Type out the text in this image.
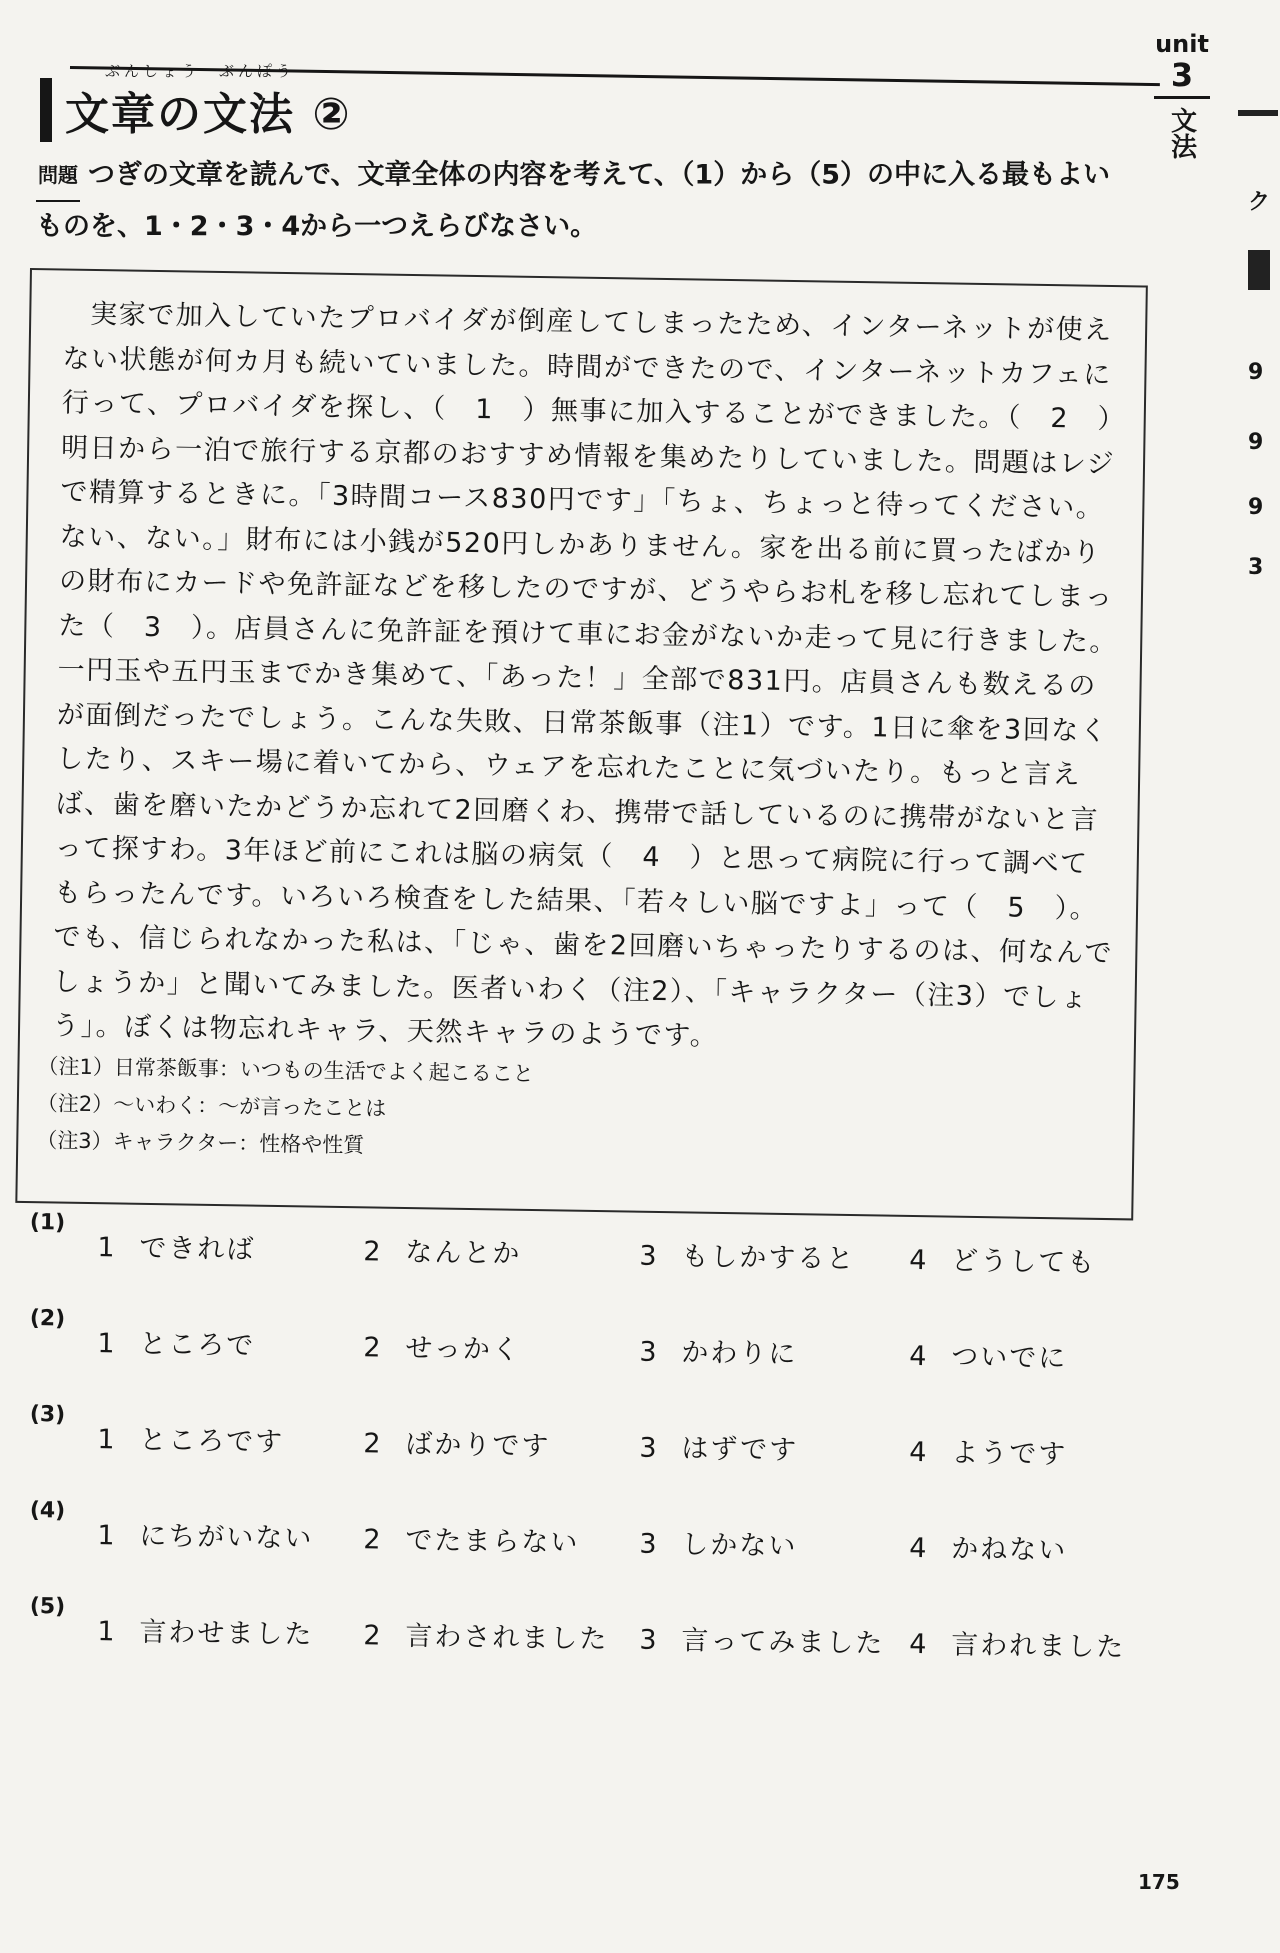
ぶんしょう　ぶんぽう
文章の文法 ②
unit
3
文法
ク
9
9
9
3
問題 つぎの文章を読んで、文章全体の内容を考えて、（1）から（5）の中に入る最もよいものを、1・2・3・4から一つえらびなさい。
実家で加入していたプロバイダが倒産してしまったため、インターネットが使えない状態が何カ月も続いていました。時間ができたので、インターネットカフェに行って、プロバイダを探し、（　1　）無事に加入することができました。（　2　）明日から一泊で旅行する京都のおすすめ情報を集めたりしていました。問題はレジで精算するときに。「3時間コース830円です」「ちょ、ちょっと待ってください。ない、ない。」財布には小銭が520円しかありません。家を出る前に買ったばかりの財布にカードや免許証などを移したのですが、どうやらお札を移し忘れてしまった（　3　）。店員さんに免許証を預けて車にお金がないか走って見に行きました。一円玉や五円玉までかき集めて、「あった！」全部で831円。店員さんも数えるのが面倒だったでしょう。こんな失敗、日常茶飯事（注1）です。1日に傘を3回なくしたり、スキー場に着いてから、ウェアを忘れたことに気づいたり。もっと言えば、歯を磨いたかどうか忘れて2回磨くわ、携帯で話しているのに携帯がないと言って探すわ。3年ほど前にこれは脳の病気（　4　）と思って病院に行って調べてもらったんです。いろいろ検査をした結果、「若々しい脳ですよ」って（　5　）。でも、信じられなかった私は、「じゃ、歯を2回磨いちゃったりするのは、何なんでしょうか」と聞いてみました。医者いわく（注2）、「キャラクター（注3）でしょう」。ぼくは物忘れキャラ、天然キャラのようです。
（注1）日常茶飯事：いつもの生活でよく起こること
（注2）～いわく：～が言ったことは
（注3）キャラクター：性格や性質
(1)
1 できれば	2 なんとか	3 もしかすると 4 どうしても
(2)
1 ところで	2 せっかく	3 かわりに	4 ついでに
(3)
1 ところです	2 ばかりです	3 はずです	4 ようです
(4)
1 にちがいない 2 でたまらない 3 しかない	4 かねない
(5)
1 言わせました 2 言わされました 3 言ってみました 4 言われました
175
